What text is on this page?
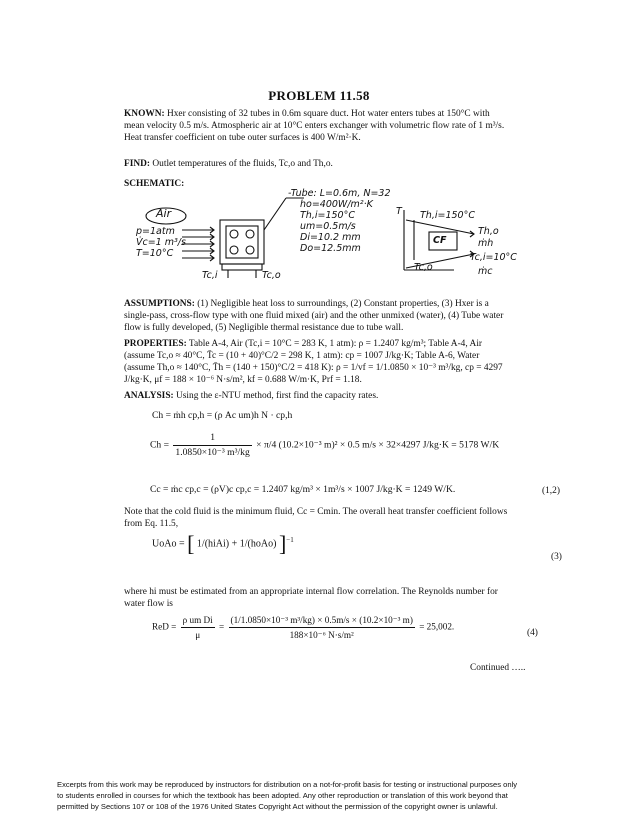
PROBLEM 11.58
KNOWN: Hxer consisting of 32 tubes in 0.6m square duct. Hot water enters tubes at 150°C with
mean velocity 0.5 m/s. Atmospheric air at 10°C enters exchanger with volumetric flow rate of 1 m³/s.
Heat transfer coefficient on tube outer surfaces is 400 W/m²·K.
FIND: Outlet temperatures of the fluids, Tc,o and Th,o.
SCHEMATIC:
Air
p=1atm
V̇c=1 m³/s
T=10°C
-Tube: L=0.6m, N=32
ho=400W/m²·K
Th,i=150°C
um=0.5m/s
Di=10.2 mm
Do=12.5mm
Tc,i	Tc,o
CF
T Th,i=150°C
Th,o
ṁh
Tc,i=10°C
Tc,o	ṁc
ASSUMPTIONS: (1) Negligible heat loss to surroundings, (2) Constant properties, (3) Hxer is a
single-pass, cross-flow type with one fluid mixed (air) and the other unmixed (water), (4) Tube water
flow is fully developed, (5) Negligible thermal resistance due to tube wall.
PROPERTIES: Table A-4, Air (Tc,i = 10°C = 283 K, 1 atm): ρ = 1.2407 kg/m³; Table A-4, Air
(assume Tc,o ≈ 40°C, T̄c = (10 + 40)°C/2 = 298 K, 1 atm): cp = 1007 J/kg·K; Table A-6, Water
(assume Th,o ≈ 140°C, T̄h = (140 + 150)°C/2 = 418 K): ρ = 1/vf = 1/1.0850 × 10⁻³ m³/kg, cp = 4297
J/kg·K, μf = 188 × 10⁻⁶ N·s/m², kf = 0.688 W/m·K, Prf = 1.18.
ANALYSIS: Using the ε-NTU method, first find the capacity rates.
Ch = ṁh cp,h = (ρ Ac um)h N · cp,h
$Ch = \frac{1}{\text{1.0850×10⁻³ m³/kg}} \times \pi/4$ (10.2×10⁻³ m)² × 0.5 m/s × 32×4297 J/kg·K = 5178 W/K
Cc = ṁc cp,c = (ρV)c cp,c = 1.2407 kg/m³ × 1m³/s × 1007 J/kg·K = 1249 W/K.	(1,2)
Note that the cold fluid is the minimum fluid, Cc = Cmin. The overall heat transfer coefficient follows
from Eq. 11.5,
UoAo = [ 1/(hiAi) + 1/(hoAo) ]$^{-1}$
(3)
where hi must be estimated from an appropriate internal flow correlation. The Reynolds number for
water flow is
ReD = $\frac{\text{ρ um Di}}{\mu} = \frac{\text{(1/1.0850×10⁻³ m³/kg) × 0.5m/s × (10.2×10⁻³ m)}}{\text{188×10⁻⁶ N·s/m²}} = 25,002$.
(4)
Continued …..
Excerpts from this work may be reproduced by instructors for distribution on a not-for-profit basis for testing or instructional purposes only
to students enrolled in courses for which the textbook has been adopted. Any other reproduction or translation of this work beyond that
permitted by Sections 107 or 108 of the 1976 United States Copyright Act without the permission of the copyright owner is unlawful.
